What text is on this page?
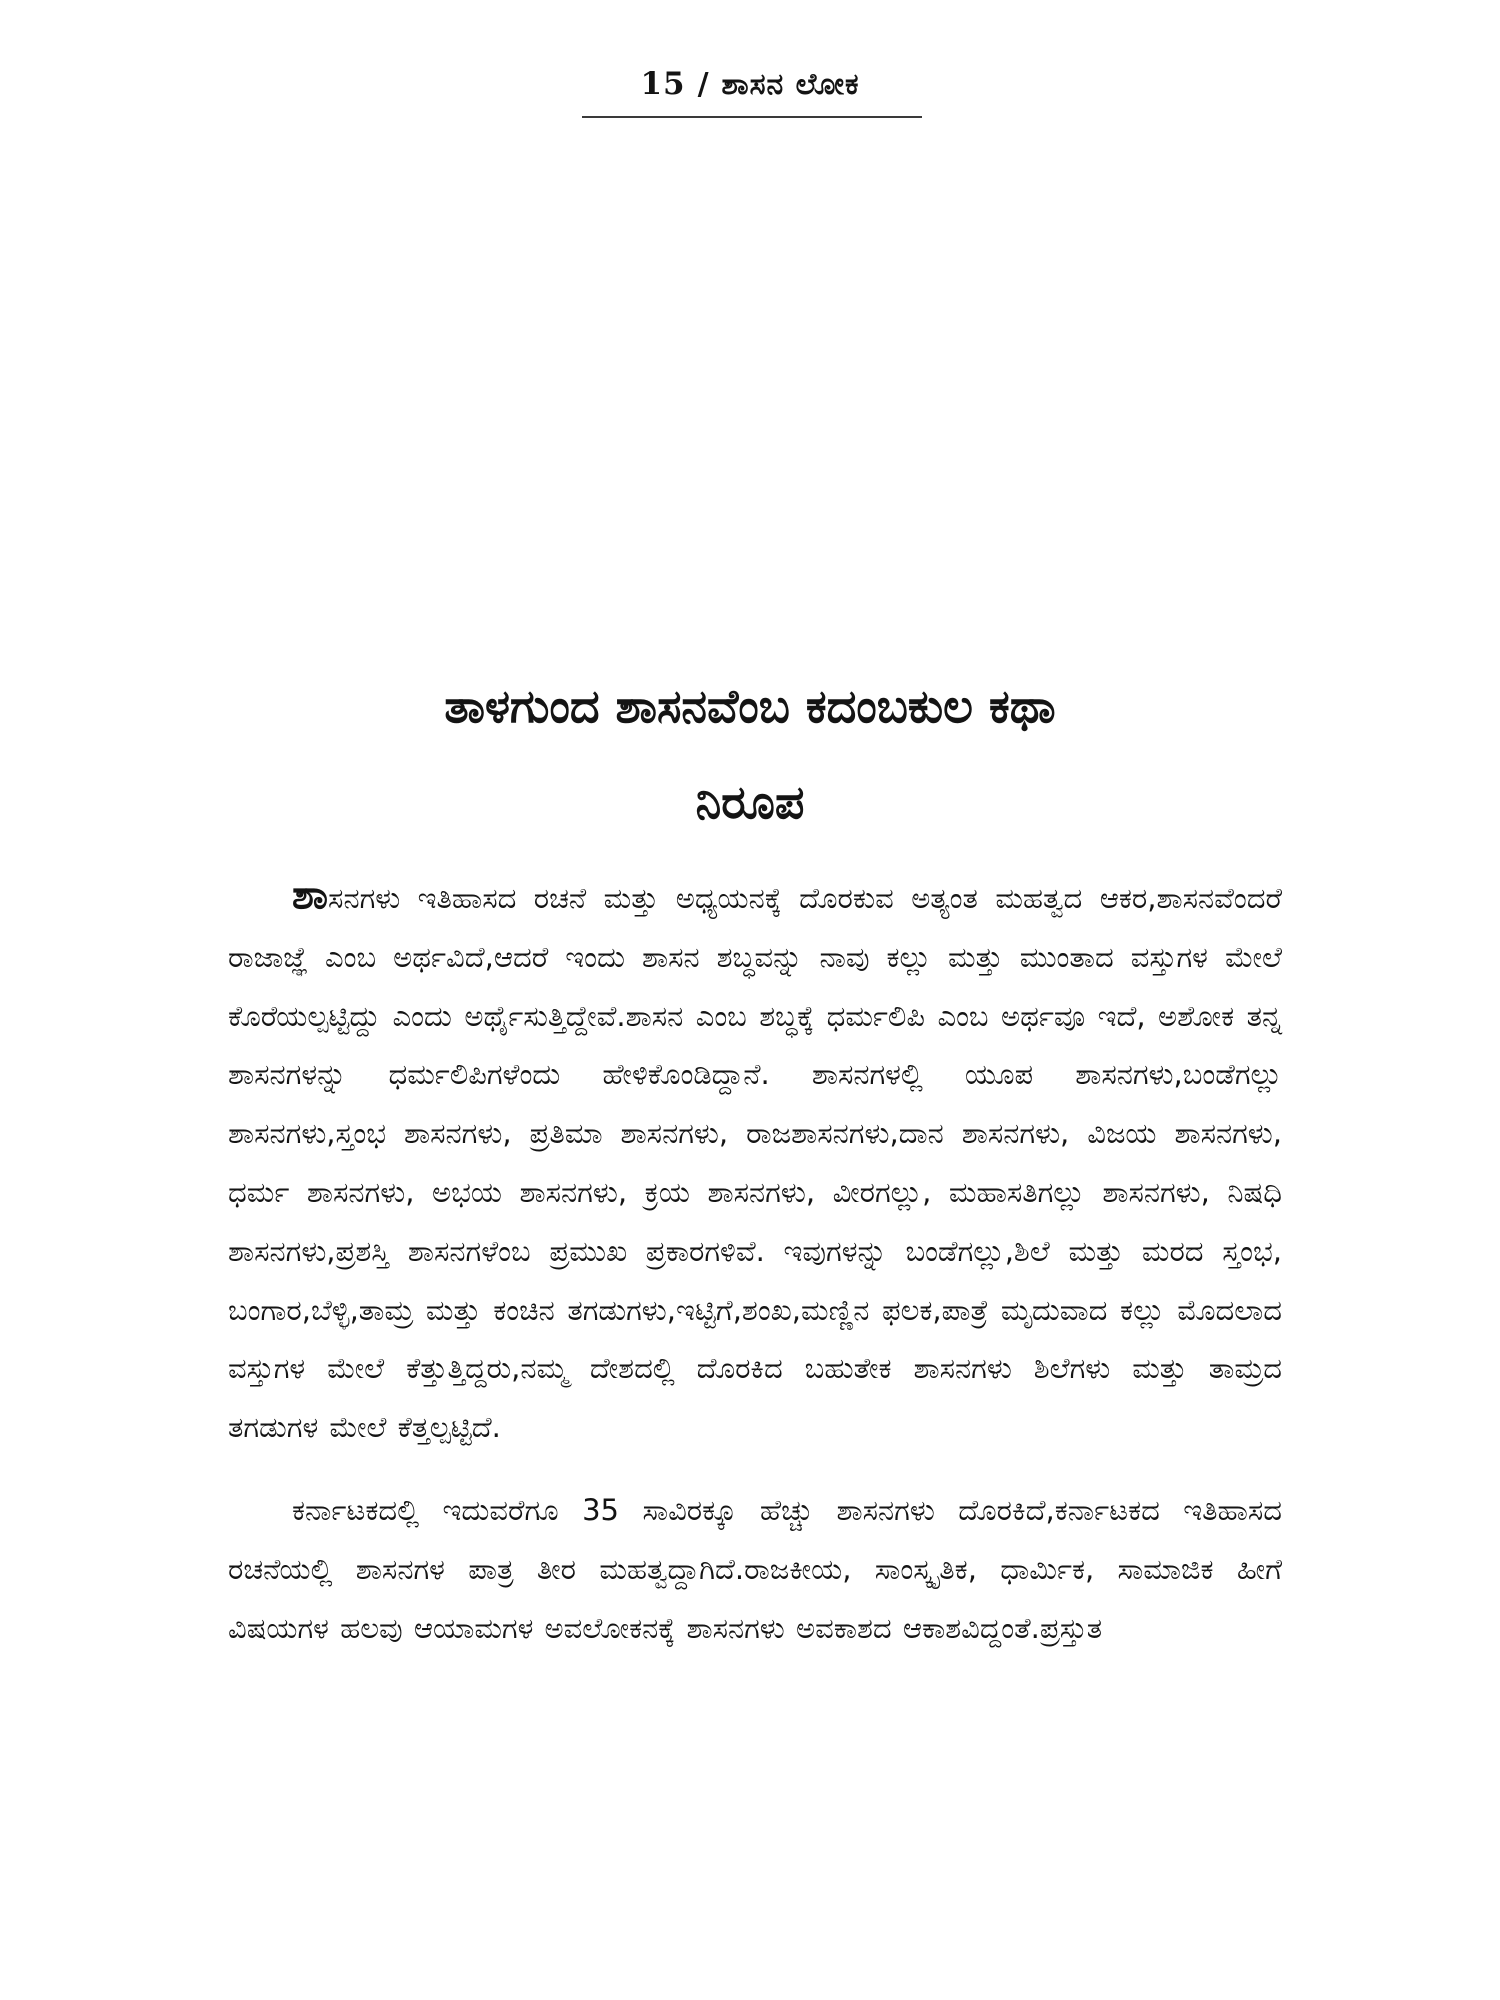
15 / ಶಾಸನ ಲೋಕ
ತಾಳಗುಂದ ಶಾಸನವೆಂಬ ಕದಂಬಕುಲ ಕಥಾ
ನಿರೂಪ

ಶಾಸನಗಳು ಇತಿಹಾಸದ ರಚನೆ ಮತ್ತು ಅಧ್ಯಯನಕ್ಕೆ ದೊರಕುವ ಅತ್ಯಂತ ಮಹತ್ವದ ಆಕರ,ಶಾಸನವೆಂದರೆ ರಾಜಾಜ್ಞೆ ಎಂಬ ಅರ್ಥವಿದೆ,ಆದರೆ ಇಂದು ಶಾಸನ ಶಬ್ಧವನ್ನು ನಾವು ಕಲ್ಲು ಮತ್ತು ಮುಂತಾದ ವಸ್ತುಗಳ ಮೇಲೆ ಕೊರೆಯಲ್ಪಟ್ಟಿದ್ದು ಎಂದು ಅರ್ಥೈಸುತ್ತಿದ್ದೇವೆ.ಶಾಸನ ಎಂಬ ಶಬ್ಧಕ್ಕೆ ಧರ್ಮಲಿಪಿ ಎಂಬ ಅರ್ಥವೂ ಇದೆ, ಅಶೋಕ ತನ್ನ ಶಾಸನಗಳನ್ನು ಧರ್ಮಲಿಪಿಗಳೆಂದು ಹೇಳಿಕೊಂಡಿದ್ದಾನೆ. ಶಾಸನಗಳಲ್ಲಿ ಯೂಪ ಶಾಸನಗಳು,ಬಂಡೆಗಲ್ಲು ಶಾಸನಗಳು,ಸ್ತಂಭ ಶಾಸನಗಳು, ಪ್ರತಿಮಾ ಶಾಸನಗಳು, ರಾಜಶಾಸನಗಳು,ದಾನ ಶಾಸನಗಳು, ವಿಜಯ ಶಾಸನಗಳು, ಧರ್ಮ ಶಾಸನಗಳು, ಅಭಯ ಶಾಸನಗಳು, ಕ್ರಯ ಶಾಸನಗಳು, ವೀರಗಲ್ಲು, ಮಹಾಸತಿಗಲ್ಲು ಶಾಸನಗಳು, ನಿಷಧಿ ಶಾಸನಗಳು,ಪ್ರಶಸ್ತಿ ಶಾಸನಗಳೆಂಬ ಪ್ರಮುಖ ಪ್ರಕಾರಗಳಿವೆ. ಇವುಗಳನ್ನು ಬಂಡೆಗಲ್ಲು,ಶಿಲೆ ಮತ್ತು ಮರದ ಸ್ತಂಭ, ಬಂಗಾರ,ಬೆಳ್ಳಿ,ತಾಮ್ರ ಮತ್ತು ಕಂಚಿನ ತಗಡುಗಳು,ಇಟ್ಟಿಗೆ,ಶಂಖ,ಮಣ್ಣಿನ ಫಲಕ,ಪಾತ್ರೆ ಮೃದುವಾದ ಕಲ್ಲು ಮೊದಲಾದ ವಸ್ತುಗಳ ಮೇಲೆ ಕೆತ್ತುತ್ತಿದ್ದರು,ನಮ್ಮ ದೇಶದಲ್ಲಿ ದೊರಕಿದ ಬಹುತೇಕ ಶಾಸನಗಳು ಶಿಲೆಗಳು ಮತ್ತು ತಾಮ್ರದ ತಗಡುಗಳ ಮೇಲೆ ಕೆತ್ತಲ್ಪಟ್ಟಿದೆ.

ಕರ್ನಾಟಕದಲ್ಲಿ ಇದುವರೆಗೂ 35 ಸಾವಿರಕ್ಕೂ ಹೆಚ್ಚು ಶಾಸನಗಳು ದೊರಕಿದೆ,ಕರ್ನಾಟಕದ ಇತಿಹಾಸದ ರಚನೆಯಲ್ಲಿ ಶಾಸನಗಳ ಪಾತ್ರ ತೀರ ಮಹತ್ವದ್ದಾಗಿದೆ.ರಾಜಕೀಯ, ಸಾಂಸ್ಕೃತಿಕ, ಧಾರ್ಮಿಕ, ಸಾಮಾಜಿಕ ಹೀಗೆ ವಿಷಯಗಳ ಹಲವು ಆಯಾಮಗಳ ಅವಲೋಕನಕ್ಕೆ ಶಾಸನಗಳು ಅವಕಾಶದ ಆಕಾಶವಿದ್ದಂತೆ.ಪ್ರಸ್ತುತ
